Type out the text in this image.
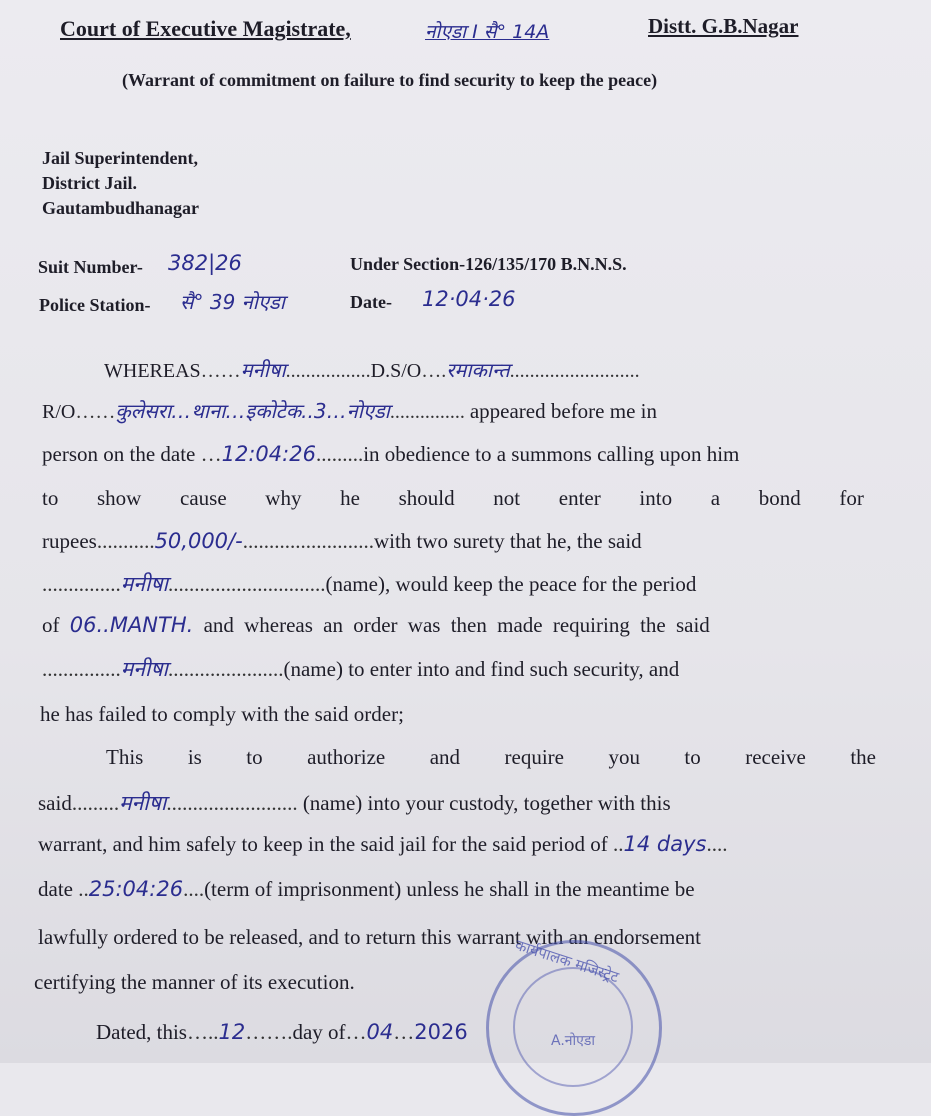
Court of Executive Magistrate,	नोएडा I सै° 14A	Distt. G.B.Nagar
(Warrant of commitment on failure to find security to keep the peace)
Jail Superintendent,
District Jail.
Gautambudhanagar
Suit Number- 382|26	Under Section-126/135/170 B.N.N.S.
Police Station- सै° 39 नोएडा	Date- 12·04·26
WHEREAS……मनीषा.................D.S/O….रमाकान्त..........................
R/O……कुलेसरा…थाना…इकोटेक..3…नोएडा............... appeared before me in
person on the date …12:04:26.........in obedience to a summons calling upon him
to show cause why he should not enter into a bond for
rupees...........50,000/-.........................with two surety that he, the said
...............मनीषा..............................(name), would keep the peace for the period
of 06..MANTH. and whereas an order was then made requiring the said
...............मनीषा......................(name) to enter into and find such security, and
he has failed to comply with the said order;
This is to authorize and require you to receive the
said.........मनीषा......................... (name) into your custody, together with this
warrant, and him safely to keep in the said jail for the said period of ..14 days....
date ..25:04:26....(term of imprisonment) unless he shall in the meantime be
lawfully ordered to be released, and to return this warrant with an endorsement
certifying the manner of its execution.	कार्यपालक मजिस्ट्रेट
A.नोएडा
Dated, this…..12…….day of…04…2026
